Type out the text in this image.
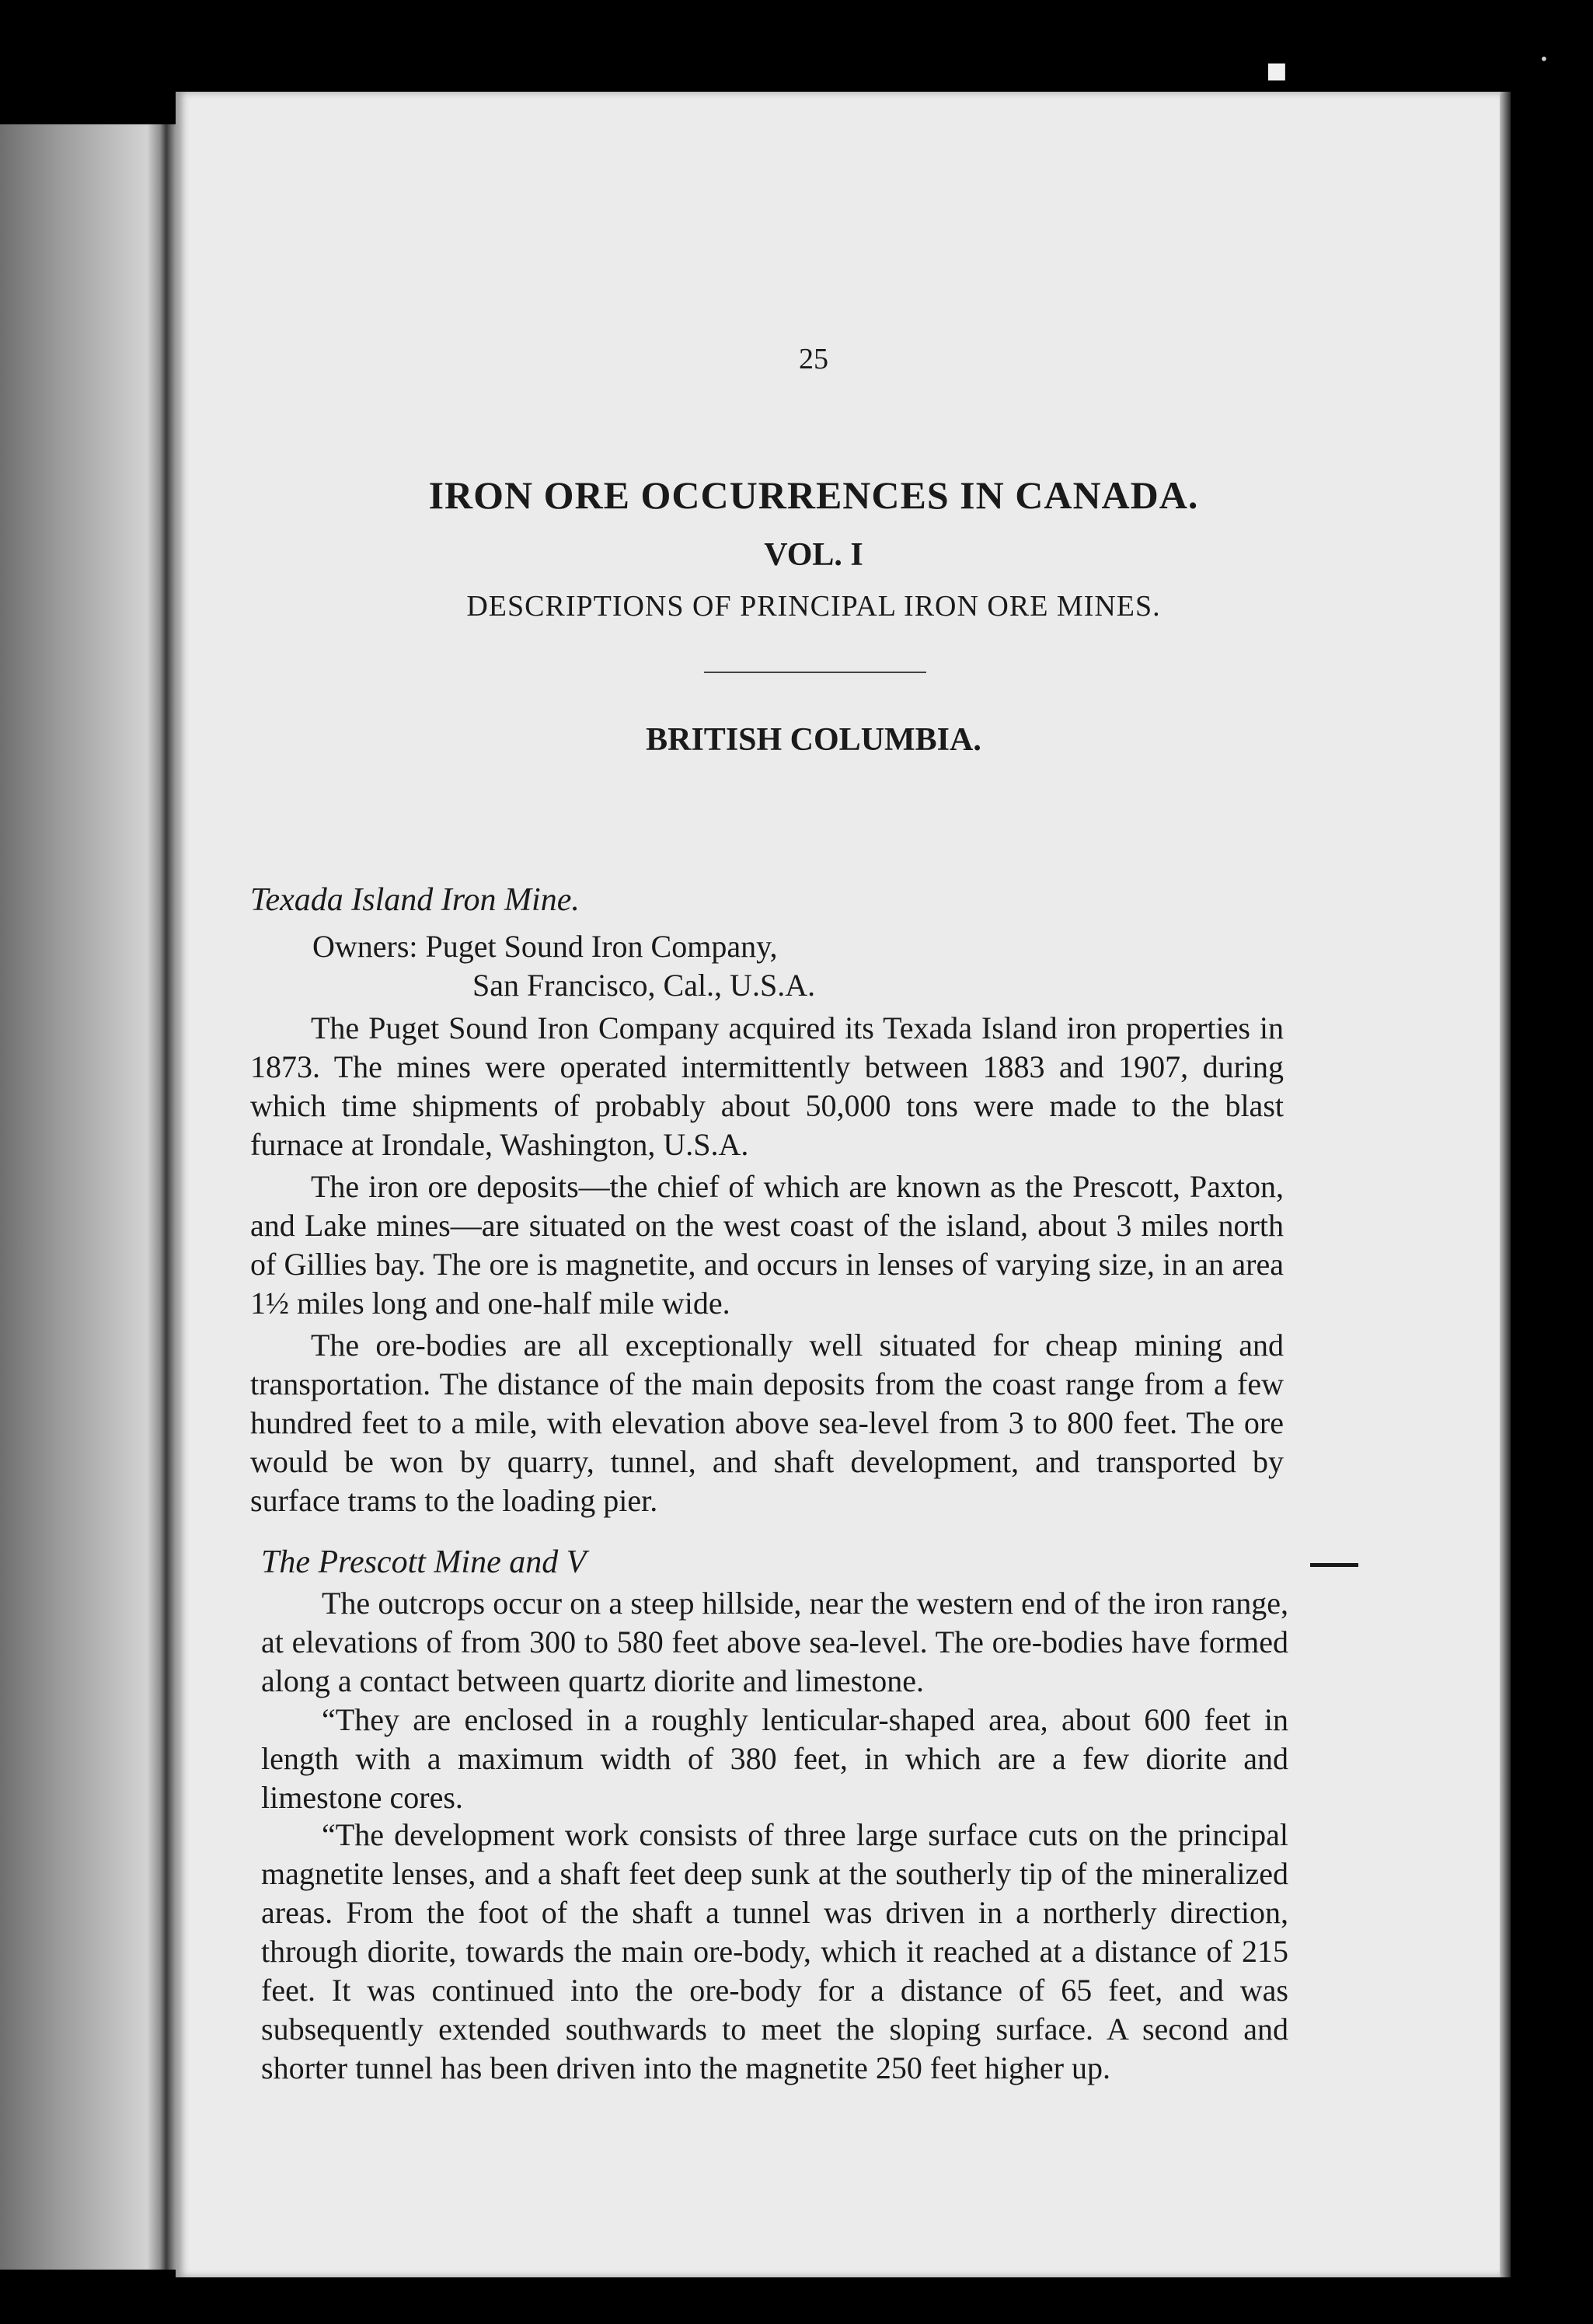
▪	·
25
IRON ORE OCCURRENCES IN CANADA.
VOL. I
DESCRIPTIONS OF PRINCIPAL IRON ORE MINES.
BRITISH COLUMBIA.
Texada Island Iron Mine.
Owners: Puget Sound Iron Company,
San Francisco, Cal., U.S.A.
The Puget Sound Iron Company acquired its Texada Island iron properties in 1873. The mines were operated intermittently between 1883 and 1907, during which time shipments of probably about 50,000 tons were made to the blast furnace at Irondale, Washington, U.S.A.
The iron ore deposits—the chief of which are known as the Prescott, Paxton, and Lake mines—are situated on the west coast of the island, about 3 miles north of Gillies bay. The ore is magnetite, and occurs in lenses of varying size, in an area 1½ miles long and one-half mile wide.
The ore-bodies are all exceptionally well situated for cheap mining and transportation. The distance of the main deposits from the coast range from a few hundred feet to a mile, with elevation above sea-level from 3 to 800 feet. The ore would be won by quarry, tunnel, and shaft development, and transported by surface trams to the loading pier.
The Prescott Mine and V
The outcrops occur on a steep hillside, near the western end of the iron range, at elevations of from 300 to 580 feet above sea-level. The ore-bodies have formed along a contact between quartz diorite and limestone.
“They are enclosed in a roughly lenticular-shaped area, about 600 feet in length with a maximum width of 380 feet, in which are a few diorite and limestone cores.
“The development work consists of three large surface cuts on the principal magnetite lenses, and a shaft feet deep sunk at the southerly tip of the mineralized areas. From the foot of the shaft a tunnel was driven in a northerly direction, through diorite, towards the main ore-body, which it reached at a distance of 215 feet. It was continued into the ore-body for a distance of 65 feet, and was subsequently extended southwards to meet the sloping surface. A second and shorter tunnel has been driven into the magnetite 250 feet higher up.
